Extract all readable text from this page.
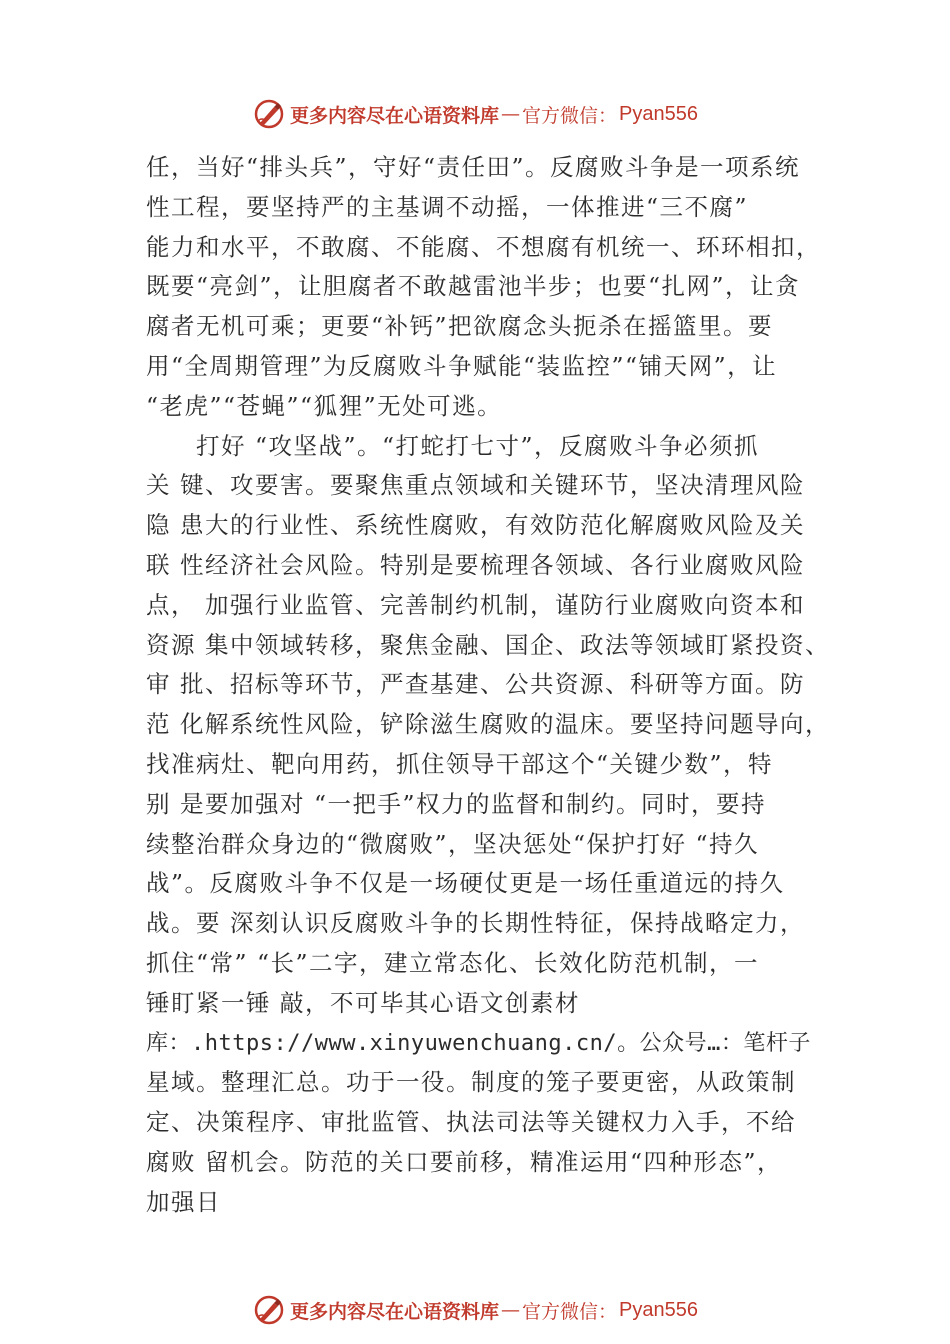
更多内容尽在心语资料库 — 官方微信： Pyan556
任，当好“排头兵”，守好“责任田”。反腐败斗争是一项系统
性工程，要坚持严的主基调不动摇，一体推进“三不腐”
能力和水平，不敢腐、不能腐、不想腐有机统一、环环相扣，
既要“亮剑”，让胆腐者不敢越雷池半步；也要“扎网”，让贪
腐者无机可乘；更要“补钙”把欲腐念头扼杀在摇篮里。要
用“全周期管理”为反腐败斗争赋能“装监控”“铺天网”，让
“老虎”“苍蝇”“狐狸”无处可逃。
　　打好 “攻坚战”。“打蛇打七寸”，反腐败斗争必须抓
关 键、攻要害。要聚焦重点领域和关键环节，坚决清理风险
隐 患大的行业性、系统性腐败，有效防范化解腐败风险及关
联 性经济社会风险。特别是要梳理各领域、各行业腐败风险
点， 加强行业监管、完善制约机制，谨防行业腐败向资本和
资源 集中领域转移，聚焦金融、国企、政法等领域盯紧投资、
审 批、招标等环节，严查基建、公共资源、科研等方面。防
范 化解系统性风险，铲除滋生腐败的温床。要坚持问题导向，
找准病灶、靶向用药，抓住领导干部这个“关键少数”，特
别 是要加强对 “一把手”权力的监督和制约。同时，要持
续整治群众身边的“微腐败”，坚决惩处“保护打好 “持久
战”。反腐败斗争不仅是一场硬仗更是一场任重道远的持久
战。要 深刻认识反腐败斗争的长期性特征，保持战略定力，
抓住“常” “长”二字，建立常态化、长效化防范机制，一
锤盯紧一锤 敲，不可毕其心语文创素材
库：.https://www.xinyuwenchuang.cn/。公众号…：笔杆子
星域。整理汇总。功于一役。制度的笼子要更密，从政策制
定、决策程序、审批监管、执法司法等关键权力入手，不给
腐败 留机会。防范的关口要前移，精准运用“四种形态”，
加强日
更多内容尽在心语资料库 — 官方微信： Pyan556
